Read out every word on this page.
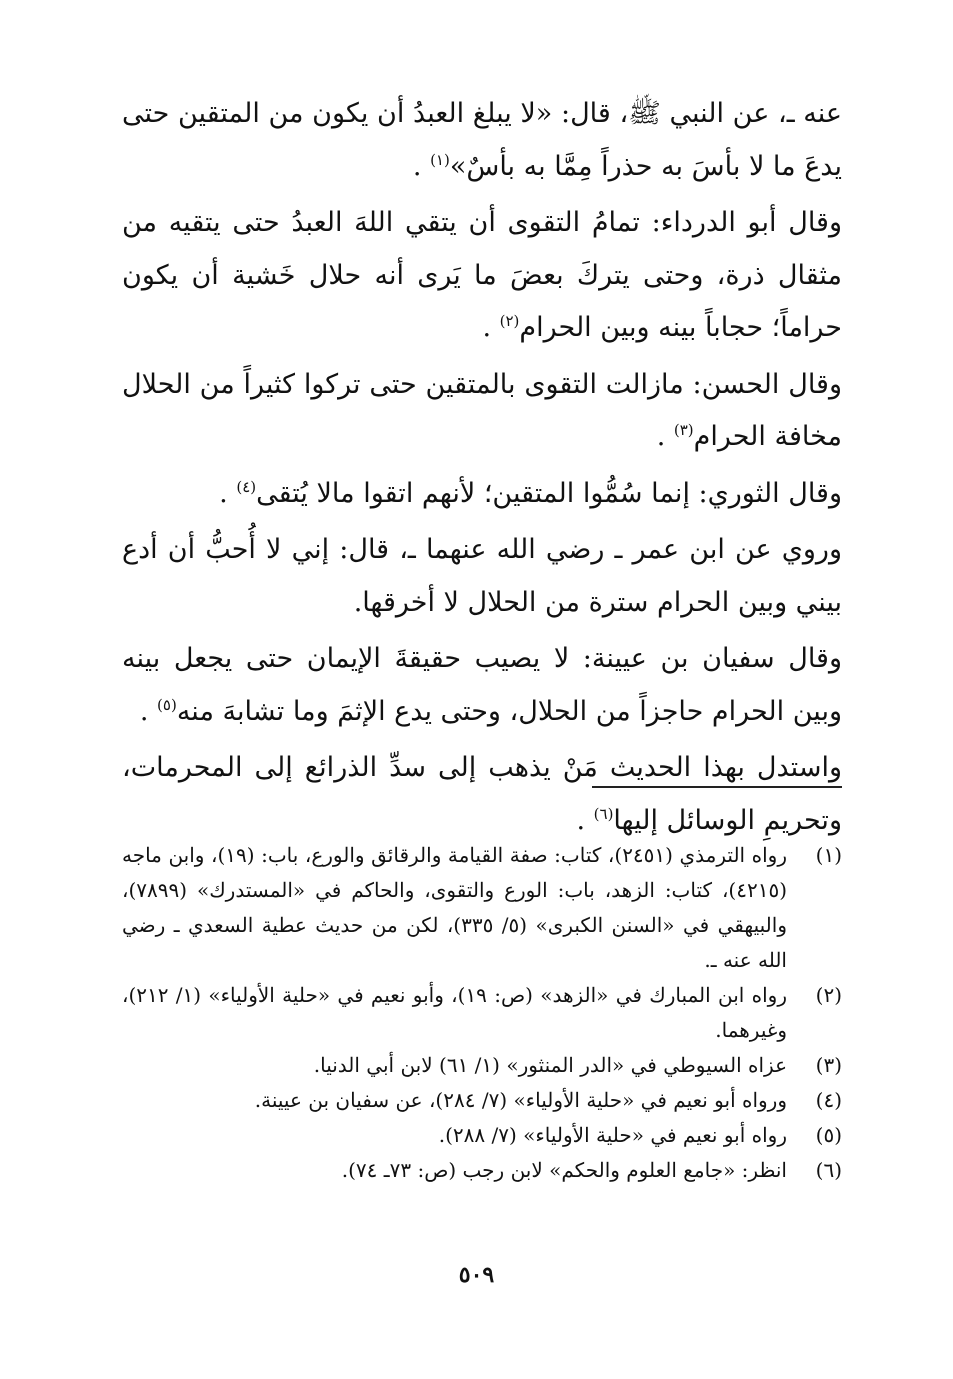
عنه ـ، عن النبي ﷺ، قال: «لا يبلغ العبدُ أن يكون من المتقين حتى يدعَ ما لا بأسَ به حذراً مِمَّا به بأسٌ»$^{(١)}$ .

وقال أبو الدرداء: تمامُ التقوى أن يتقي اللهَ العبدُ حتى يتقيه من مثقال ذرة، وحتى يتركَ بعضَ ما يَرى أنه حلال خَشية أن يكون حراماً؛ حجاباً بينه وبين الحرام$^{(٢)}$ .

وقال الحسن: مازالت التقوى بالمتقين حتى تركوا كثيراً من الحلال مخافة الحرام$^{(٣)}$ .

وقال الثوري: إنما سُمُّوا المتقين؛ لأنهم اتقوا مالا يُتقى$^{(٤)}$ .

وروي عن ابن عمر ـ رضي الله عنهما ـ، قال: إني لا أُحبُّ أن أدع بيني وبين الحرام سترة من الحلال لا أخرقها.

وقال سفيان بن عيينة: لا يصيب حقيقةَ الإيمان حتى يجعل بينه وبين الحرام حاجزاً من الحلال، وحتى يدع الإثمَ وما تشابهَ منه$^{(٥)}$ .

واستدل بهذا الحديث مَنْ يذهب إلى سدِّ الذرائع إلى المحرمات، وتحريمِ الوسائل إليها$^{(٦)}$ .

(١)
رواه الترمذي (٢٤٥١)، كتاب: صفة القيامة والرقائق والورع، باب: (١٩)، وابن ماجه (٤٢١٥)، كتاب: الزهد، باب: الورع والتقوى، والحاكم في «المستدرك» (٧٨٩٩)، والبيهقي في «السنن الكبرى» (٥/ ٣٣٥)، لكن من حديث عطية السعدي ـ رضي الله عنه ـ.
(٢)
رواه ابن المبارك في «الزهد» (ص: ١٩)، وأبو نعيم في «حلية الأولياء» (١/ ٢١٢)، وغيرهما.
(٣)
عزاه السيوطي في «الدر المنثور» (١/ ٦١) لابن أبي الدنيا.
(٤)
ورواه أبو نعيم في «حلية الأولياء» (٧/ ٢٨٤)، عن سفيان بن عيينة.
(٥)
رواه أبو نعيم في «حلية الأولياء» (٧/ ٢٨٨).
(٦)
انظر: «جامع العلوم والحكم» لابن رجب (ص: ٧٣ـ ٧٤).
٥٠٩
